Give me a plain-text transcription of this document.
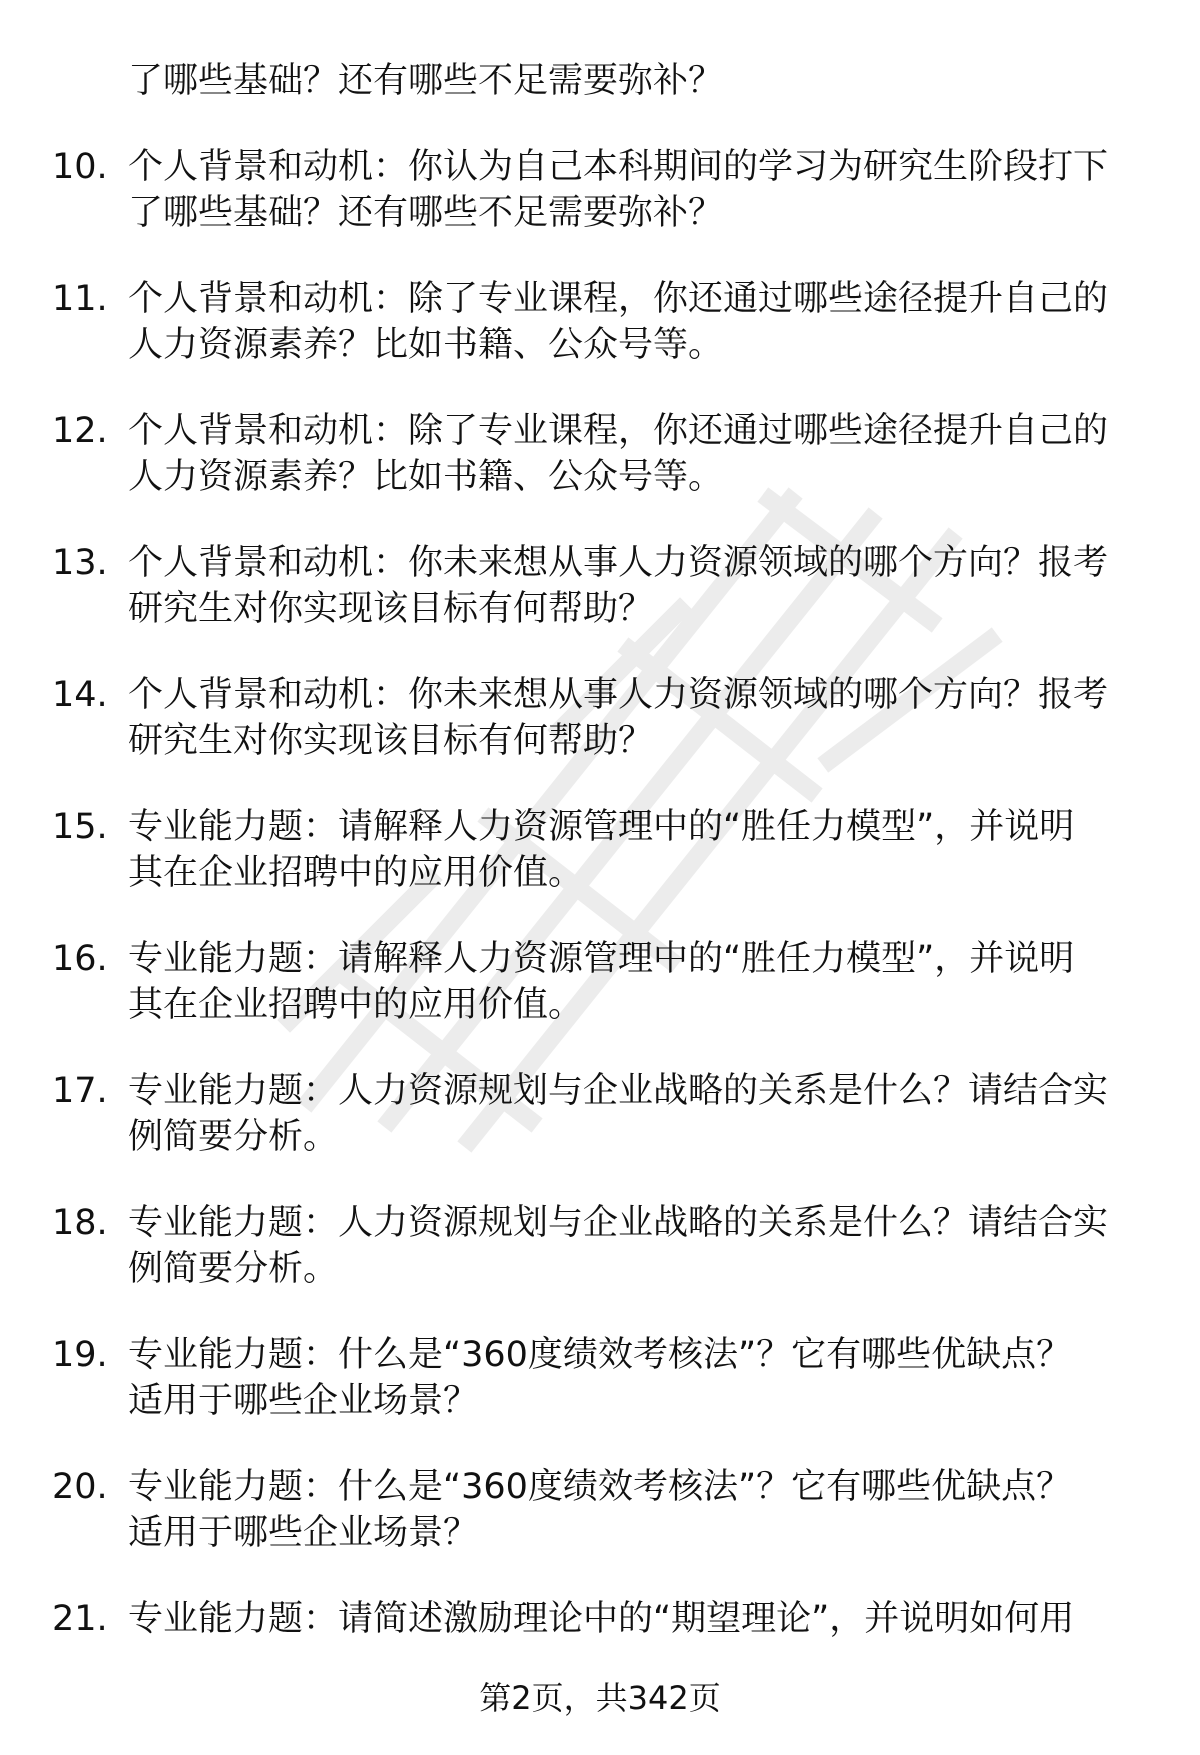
了哪些基础？还有哪些不足需要弥补？
10. 个人背景和动机：你认为自己本科期间的学习为研究生阶段打下
了哪些基础？还有哪些不足需要弥补？
11. 个人背景和动机：除了专业课程，你还通过哪些途径提升自己的
人力资源素养？比如书籍、公众号等。
12. 个人背景和动机：除了专业课程，你还通过哪些途径提升自己的
人力资源素养？比如书籍、公众号等。
13. 个人背景和动机：你未来想从事人力资源领域的哪个方向？报考
研究生对你实现该目标有何帮助？
14. 个人背景和动机：你未来想从事人力资源领域的哪个方向？报考
研究生对你实现该目标有何帮助？
15. 专业能力题：请解释人力资源管理中的“胜任力模型”，并说明
其在企业招聘中的应用价值。
16. 专业能力题：请解释人力资源管理中的“胜任力模型”，并说明
其在企业招聘中的应用价值。
17. 专业能力题：人力资源规划与企业战略的关系是什么？请结合实
例简要分析。
18. 专业能力题：人力资源规划与企业战略的关系是什么？请结合实
例简要分析。
19. 专业能力题：什么是“360度绩效考核法”？它有哪些优缺点？
适用于哪些企业场景？
20. 专业能力题：什么是“360度绩效考核法”？它有哪些优缺点？
适用于哪些企业场景？
21. 专业能力题：请简述激励理论中的“期望理论”，并说明如何用
第2页，共342页
